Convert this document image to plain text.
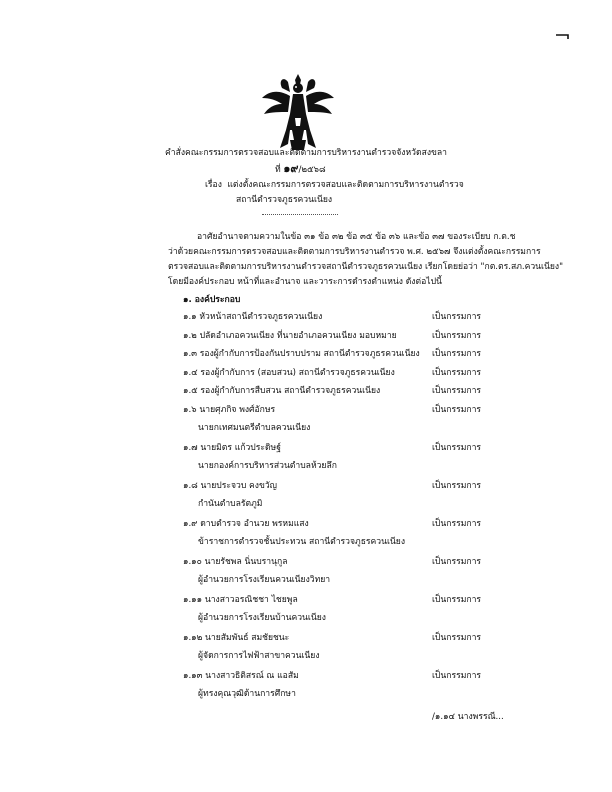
คำสั่งคณะกรรมการตรวจสอบและติดตามการบริหารงานตำรวจจังหวัดสงขลา
ที่ ๑๙/๒๕๖๘
เรื่อง แต่งตั้งคณะกรรมการตรวจสอบและติดตามการบริหารงานตำรวจ
สถานีตำรวจภูธรควนเนียง
อาศัยอำนาจตามความในข้อ ๓๑ ข้อ ๓๒ ข้อ ๓๕ ข้อ ๓๖ และข้อ ๓๗ ของระเบียบ ก.ต.ช
ว่าด้วยคณะกรรมการตรวจสอบและติดตามการบริหารงานตำรวจ พ.ศ. ๒๕๖๗ จึงแต่งตั้งคณะกรรมการ
ตรวจสอบและติดตามการบริหารงานตำรวจสถานีตำรวจภูธรควนเนียง เรียกโดยย่อว่า "กต.ตร.สภ.ควนเนียง"
โดยมีองค์ประกอบ หน้าที่และอำนาจ และวาระการดำรงตำแหน่ง ดังต่อไปนี้
๑. องค์ประกอบ
๑.๑ หัวหน้าสถานีตำรวจภูธรควนเนียง	เป็นกรรมการ
๑.๒ ปลัดอำเภอควนเนียง ที่นายอำเภอควนเนียง มอบหมาย	เป็นกรรมการ
๑.๓ รองผู้กำกับการป้องกันปราบปราม สถานีตำรวจภูธรควนเนียง เป็นกรรมการ
๑.๔ รองผู้กำกับการ (สอบสวน) สถานีตำรวจภูธรควนเนียง	เป็นกรรมการ
๑.๕ รองผู้กำกับการสืบสวน สถานีตำรวจภูธรควนเนียง	เป็นกรรมการ
๑.๖ นายศุภกิจ พงศ์อักษร	เป็นกรรมการ
นายกเทศมนตรีตำบลควนเนียง
๑.๗ นายมิตร แก้วประดิษฐ์	เป็นกรรมการ
นายกองค์การบริหารส่วนตำบลห้วยลึก
๑.๘ นายประจวบ คงขวัญ	เป็นกรรมการ
กำนันตำบลรัตภูมิ
๑.๙ ดาบตำรวจ อำนวย พรหมแสง	เป็นกรรมการ
ข้าราชการตำรวจชั้นประทวน สถานีตำรวจภูธรควนเนียง
๑.๑๐ นายรัชพล นิ่นบรานุกูล	เป็นกรรมการ
ผู้อำนวยการโรงเรียนควนเนียงวิทยา
๑.๑๑ นางสาวอรณิชชา ไชยพูล	เป็นกรรมการ
ผู้อำนวยการโรงเรียนบ้านควนเนียง
๑.๑๒ นายสัมพันธ์ สมชัยชนะ	เป็นกรรมการ
ผู้จัดการการไฟฟ้าสาขาควนเนียง
๑.๑๓ นางสาวธิติสรณ์ ณ แอสัม	เป็นกรรมการ
ผู้ทรงคุณวุฒิด้านการศึกษา
/๑.๑๔ นางพรรณี...
